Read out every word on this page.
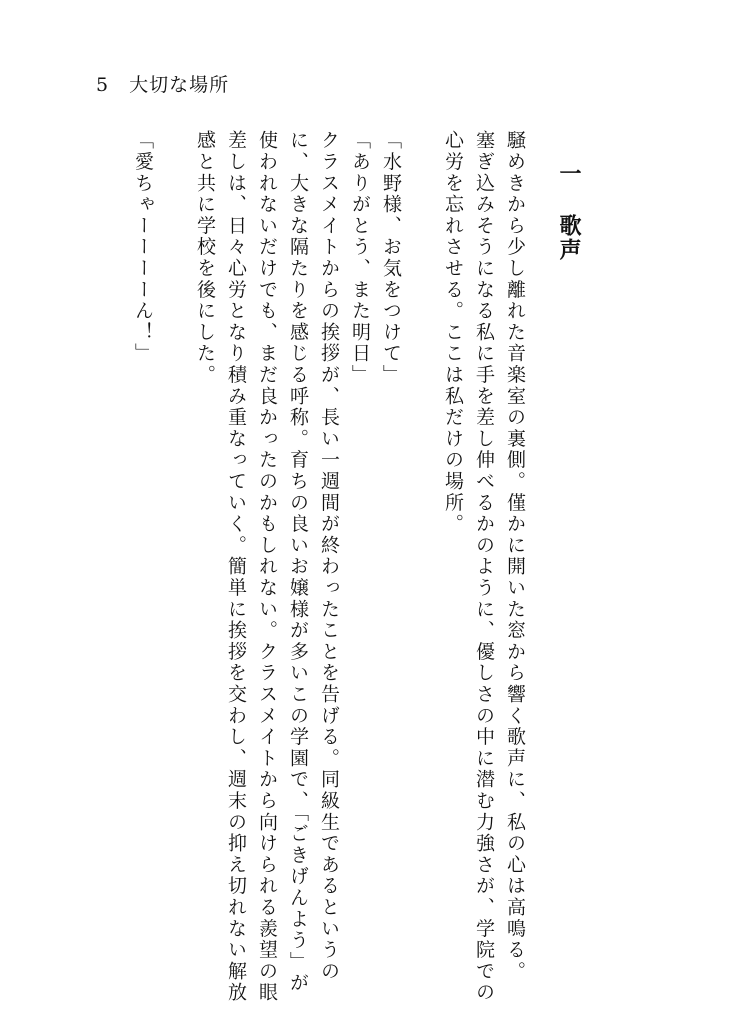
5 大切な場所
一歌声
騒めきから少し離れた音楽室の裏側。僅かに開いた窓から響く歌声に、私の心は高鳴る。
塞ぎ込みそうになる私に手を差し伸べるかのように、優しさの中に潜む力強さが、学院での
心労を忘れさせる。ここは私だけの場所。
「水野様、お気をつけて」
「ありがとう、また明日」
クラスメイトからの挨拶が、長い一週間が終わったことを告げる。同級生であるというの
に、大きな隔たりを感じる呼称。育ちの良いお嬢様が多いこの学園で、「ごきげんよう」が
使われないだけでも、まだ良かったのかもしれない。クラスメイトから向けられる羨望の眼
差しは、日々心労となり積み重なっていく。簡単に挨拶を交わし、週末の抑え切れない解放
感と共に学校を後にした。
「愛ちゃーーーーん！」
